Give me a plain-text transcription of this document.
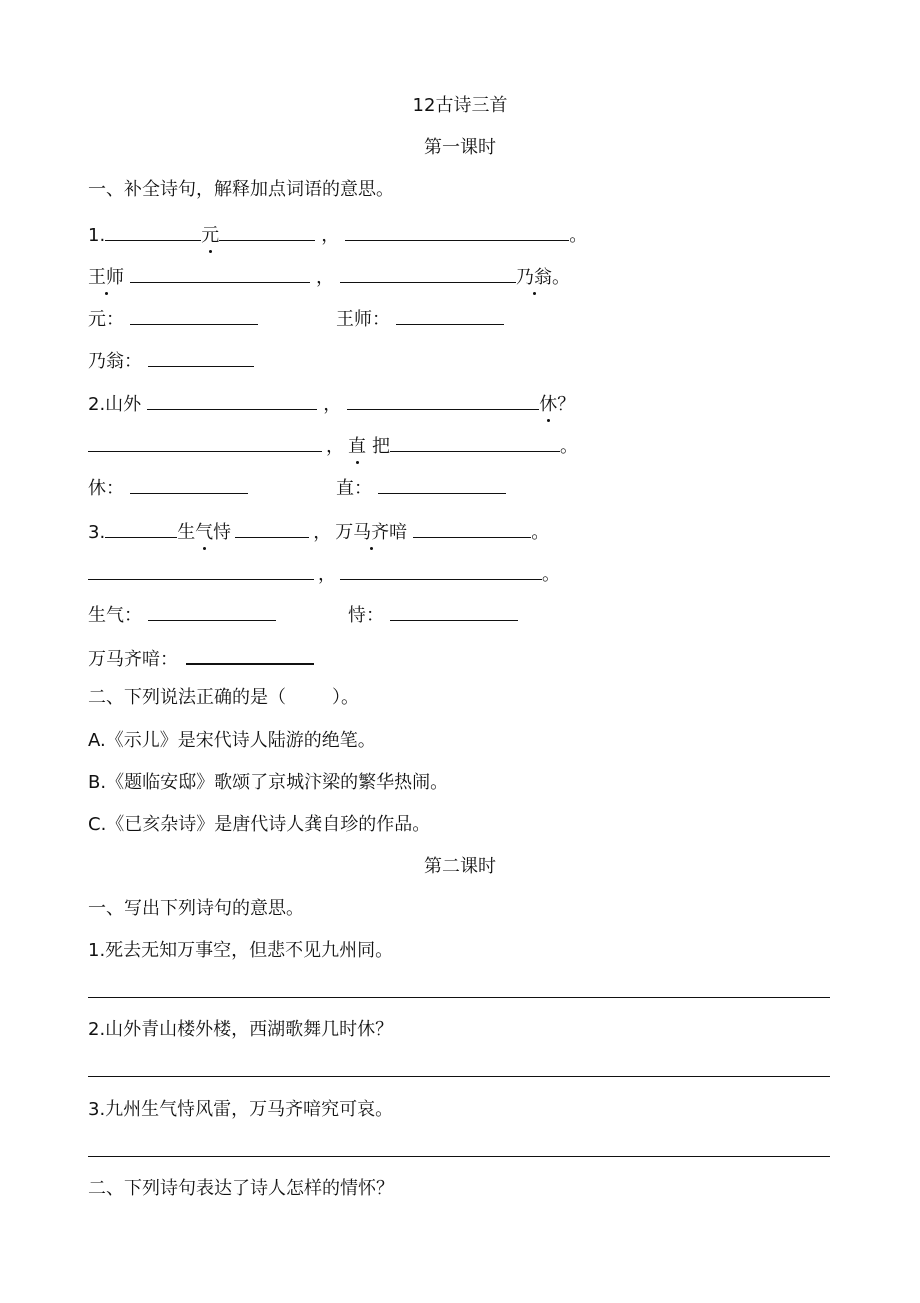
12古诗三首
第一课时
一、补全诗句，解释加点词语的意思。
1.	元	，	。
王师	，	乃翁。
元：	王师：
乃翁：
2.山外	，	休？
， 直 把	。
休：	直：
3.	生气恃	， 万马齐喑	。
，	。
生气：	恃：
万马齐喑：
二、下列说法正确的是（	）。
A.《示儿》是宋代诗人陆游的绝笔。
B.《题临安邸》歌颂了京城汴梁的繁华热闹。
C.《已亥杂诗》是唐代诗人龚自珍的作品。
第二课时
一、写出下列诗句的意思。
1.死去无知万事空，但悲不见九州同。
2.山外青山楼外楼，西湖歌舞几时休？
3.九州生气恃风雷，万马齐喑究可哀。
二、下列诗句表达了诗人怎样的情怀？
